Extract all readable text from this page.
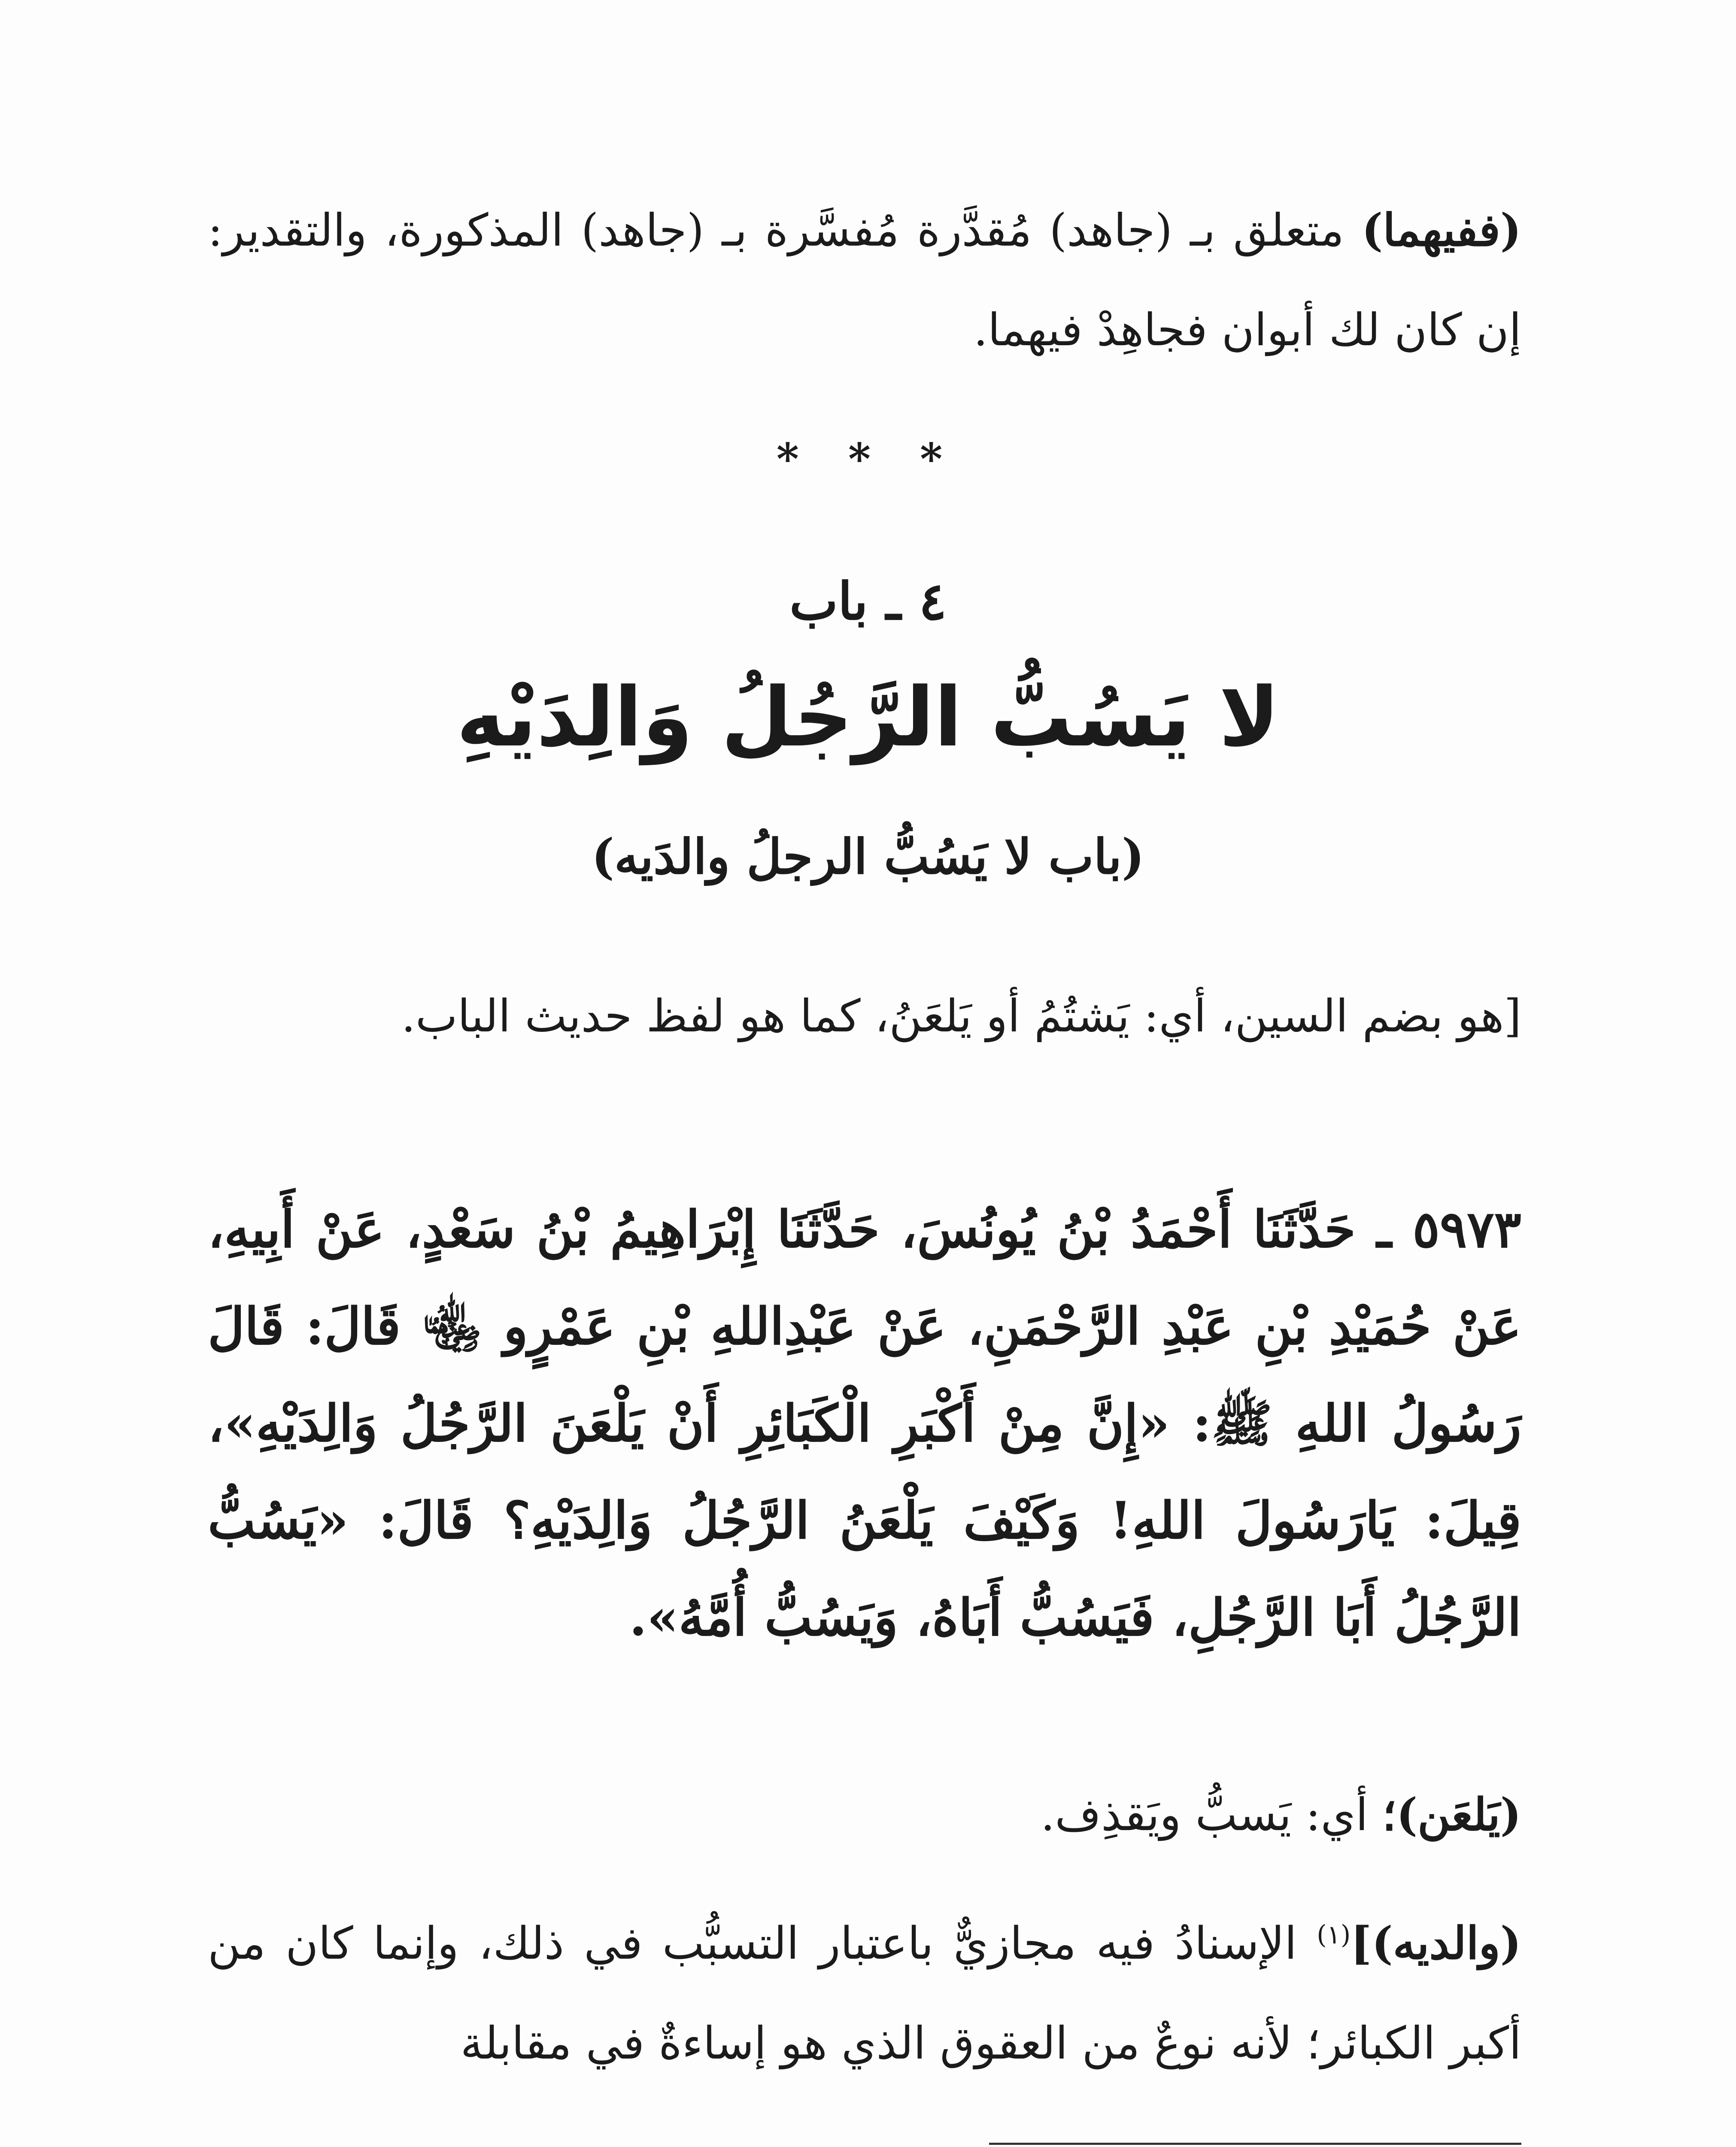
(ففيهما) متعلق بـ (جاهد) مُقدَّرة مُفسَّرة بـ (جاهد) المذكورة، والتقدير: إن كان لك أبوان فجاهِدْ فيهما.

* * *
٤ ـ باب
لا يَسُبُّ الرَّجُلُ وَالِدَيْهِ
(باب لا يَسُبُّ الرجلُ والدَيه)

[هو بضم السين، أي: يَشتُمُ أو يَلعَنُ، كما هو لفظ حديث الباب.

٥٩٧٣ ـ حَدَّثَنَا أَحْمَدُ بْنُ يُونُسَ، حَدَّثَنَا إِبْرَاهِيمُ بْنُ سَعْدٍ، عَنْ أَبِيهِ، عَنْ حُمَيْدِ بْنِ عَبْدِ الرَّحْمَنِ، عَنْ عَبْدِاللهِ بْنِ عَمْرٍو ﵄ قَالَ: قَالَ رَسُولُ اللهِ ﷺ: «إِنَّ مِنْ أَكْبَرِ الْكَبَائِرِ أَنْ يَلْعَنَ الرَّجُلُ وَالِدَيْهِ»، قِيلَ: يَارَسُولَ اللهِ! وَكَيْفَ يَلْعَنُ الرَّجُلُ وَالِدَيْهِ؟ قَالَ: «يَسُبُّ الرَّجُلُ أَبَا الرَّجُلِ، فَيَسُبُّ أَبَاهُ، وَيَسُبُّ أُمَّهُ».

(يَلعَن)؛ أي: يَسبُّ ويَقذِف.

(والديه)]$^{(١)}$ الإسنادُ فيه مجازيٌّ باعتبار التسبُّب في ذلك، وإنما كان من أكبر الكبائر؛ لأنه نوعٌ من العقوق الذي هو إساءةٌ في مقابلة
